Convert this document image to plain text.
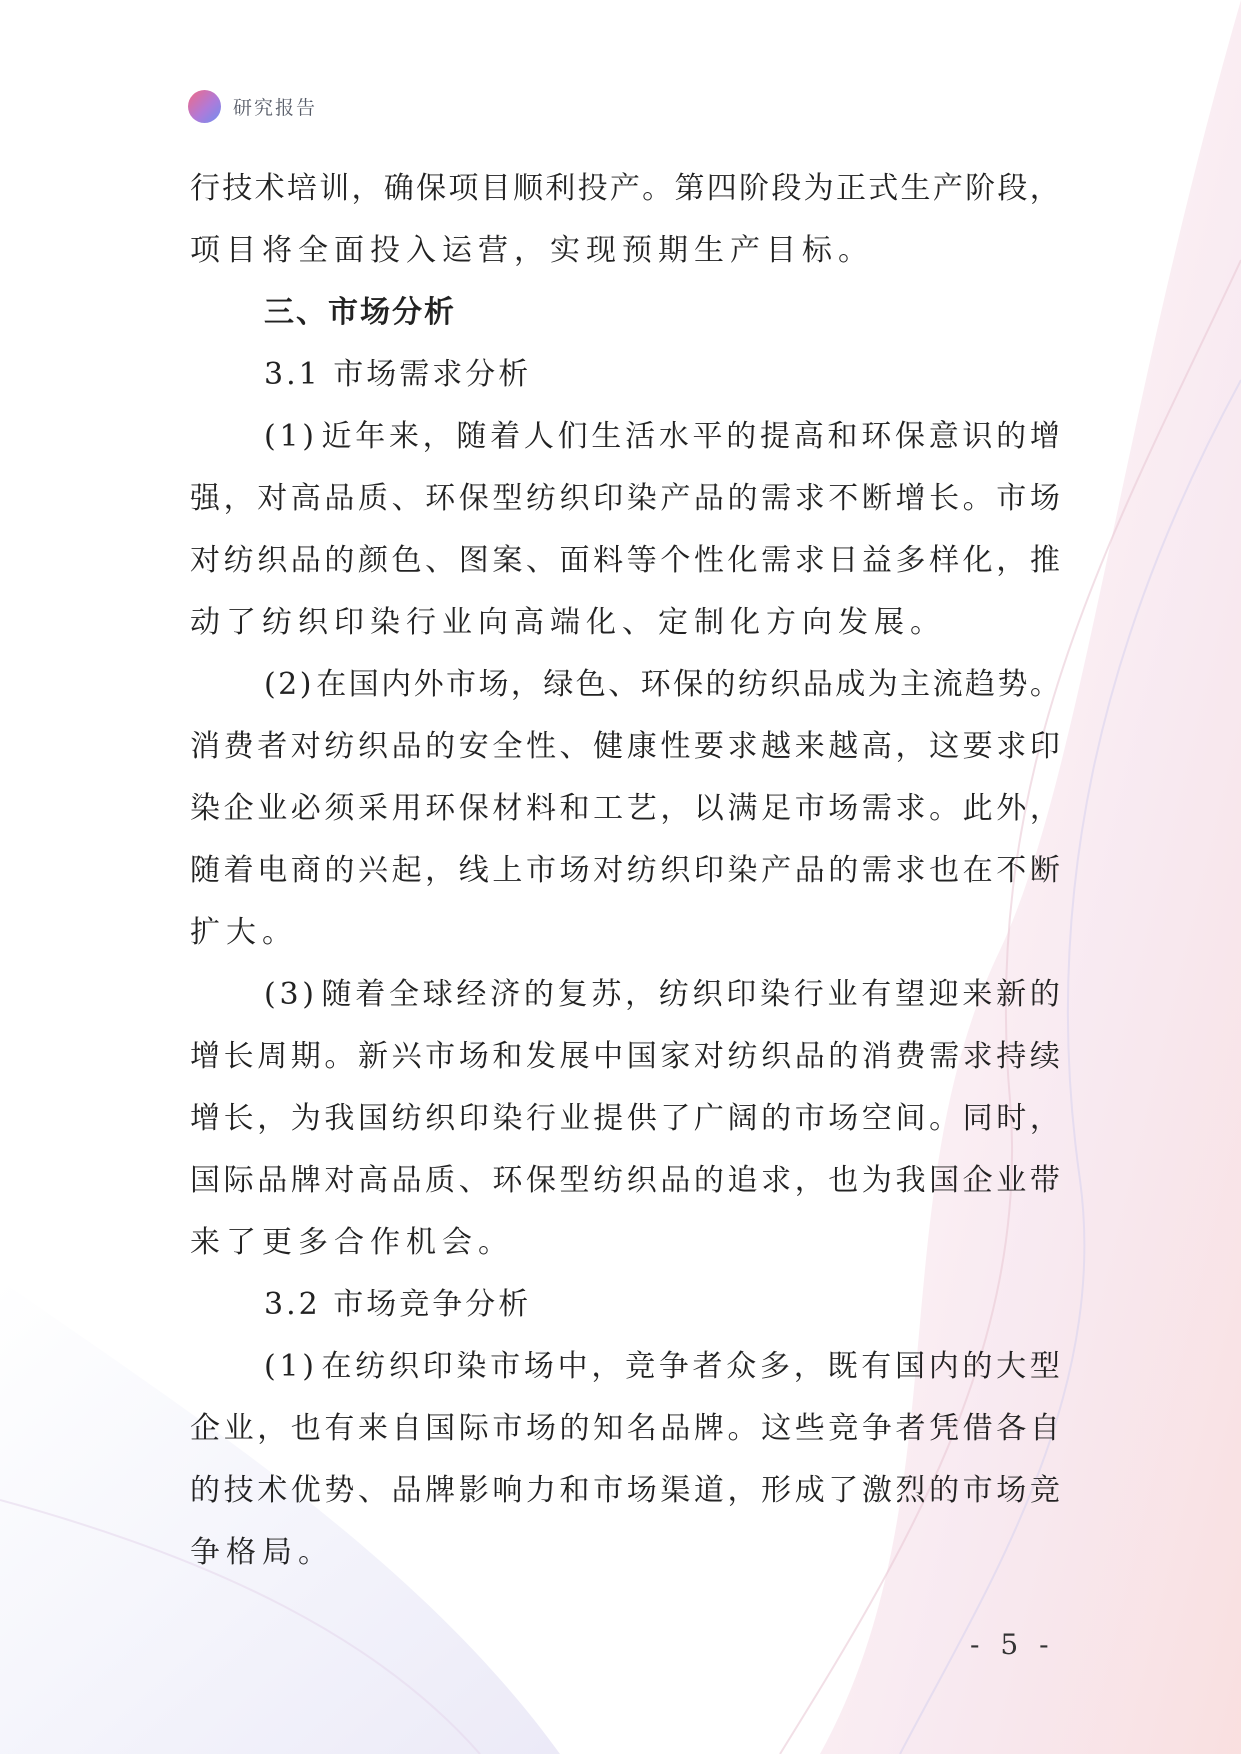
研究报告
行 技 术 培 训 ， 确 保 项 目 顺 利 投 产 。 第 四 阶 段 为 正 式 生 产 阶 段 ，
项目将全面投入运营，实现预期生产目标。
三、市场分析
3.1 市场需求分析
( 1 ) 近 年 来 ， 随 着 人 们 生 活 水 平 的 提 高 和 环 保 意 识 的 增
强 ， 对 高 品 质 、 环 保 型 纺 织 印 染 产 品 的 需 求 不 断 增 长 。 市 场
对 纺 织 品 的 颜 色 、 图 案 、 面 料 等 个 性 化 需 求 日 益 多 样 化 ， 推
动了纺织印染行业向高端化、定制化方向发展。
( 2 ) 在 国 内 外 市 场 ， 绿 色 、 环 保 的 纺 织 品 成 为 主 流 趋 势 。
消 费 者 对 纺 织 品 的 安 全 性 、 健 康 性 要 求 越 来 越 高 ， 这 要 求 印
染 企 业 必 须 采 用 环 保 材 料 和 工 艺 ， 以 满 足 市 场 需 求 。 此 外 ，
随 着 电 商 的 兴 起 ， 线 上 市 场 对 纺 织 印 染 产 品 的 需 求 也 在 不 断
扩大。
( 3 ) 随 着 全 球 经 济 的 复 苏 ， 纺 织 印 染 行 业 有 望 迎 来 新 的
增 长 周 期 。 新 兴 市 场 和 发 展 中 国 家 对 纺 织 品 的 消 费 需 求 持 续
增 长 ， 为 我 国 纺 织 印 染 行 业 提 供 了 广 阔 的 市 场 空 间 。 同 时 ，
国 际 品 牌 对 高 品 质 、 环 保 型 纺 织 品 的 追 求 ， 也 为 我 国 企 业 带
来了更多合作机会。
3.2 市场竞争分析
( 1 ) 在 纺 织 印 染 市 场 中 ， 竞 争 者 众 多 ， 既 有 国 内 的 大 型
企 业 ， 也 有 来 自 国 际 市 场 的 知 名 品 牌 。 这 些 竞 争 者 凭 借 各 自
的 技 术 优 势 、 品 牌 影 响 力 和 市 场 渠 道 ， 形 成 了 激 烈 的 市 场 竞
争格局。
- 5 -
